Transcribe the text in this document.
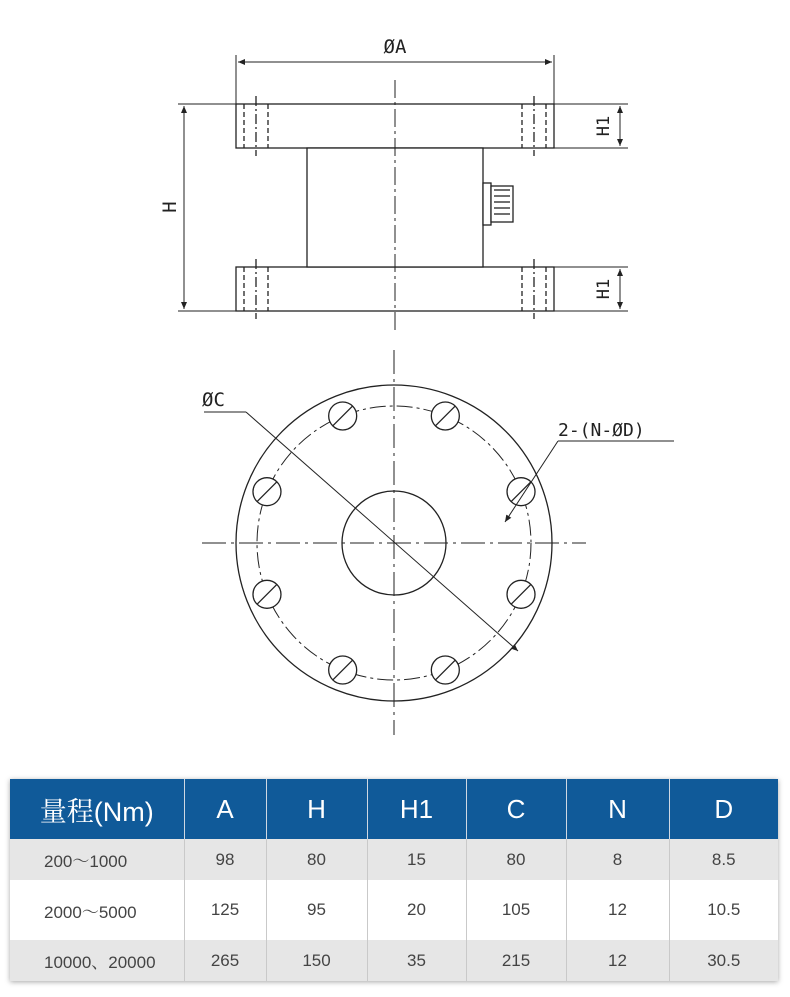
ØA
H
H1
H1
ØC
2-(N-ØD)
量程(Nm)	A	H	H1	C	N	D
200～1000	98	80	15	80	8	8.5
2000～5000	125	95	20	105	12	10.5
10000、20000	265	150	35	215	12	30.5
